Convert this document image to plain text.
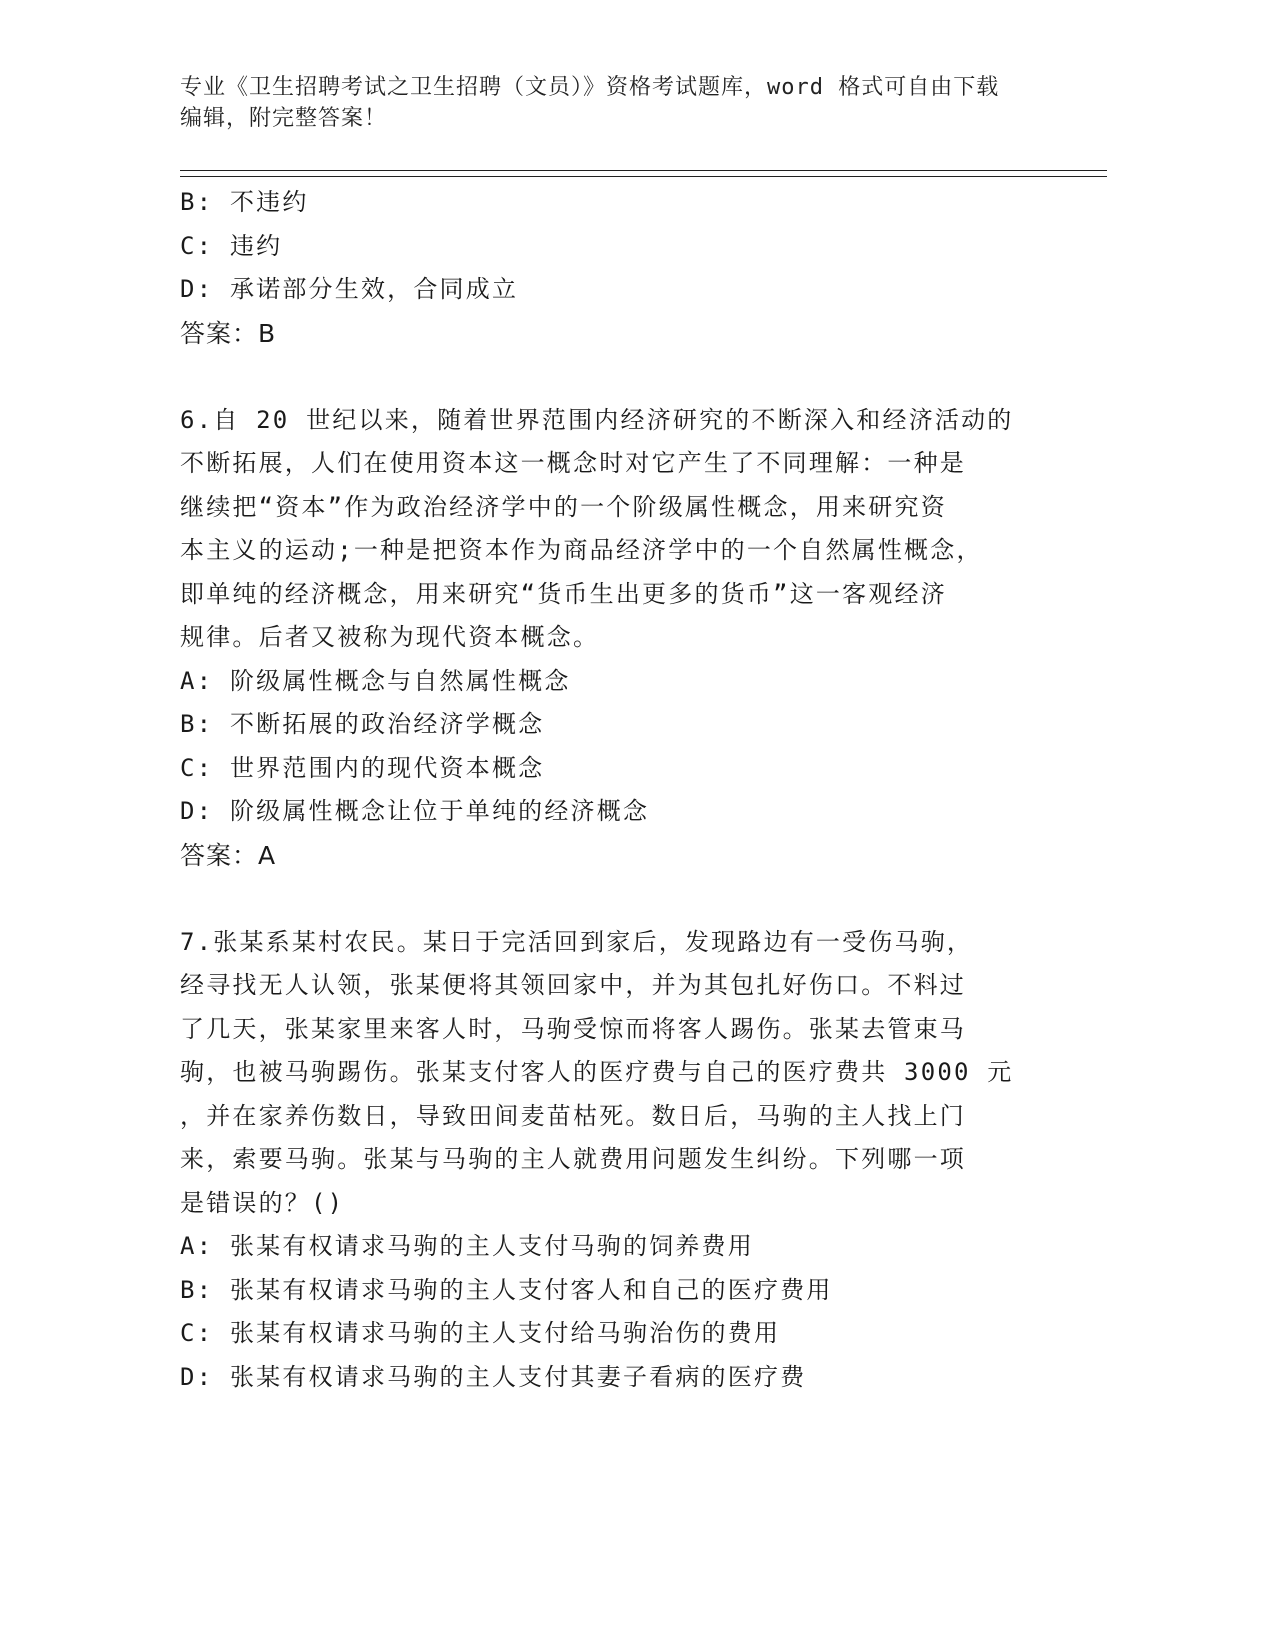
专业《卫生招聘考试之卫生招聘（文员）》资格考试题库，word 格式可自由下载
编辑，附完整答案！

B: 不违约

C: 违约

D: 承诺部分生效，合同成立

答案：B

6.自 20 世纪以来，随着世界范围内经济研究的不断深入和经济活动的

不断拓展，人们在使用资本这一概念时对它产生了不同理解：一种是

继续把“资本”作为政治经济学中的一个阶级属性概念，用来研究资

本主义的运动;一种是把资本作为商品经济学中的一个自然属性概念，

即单纯的经济概念，用来研究“货币生出更多的货币”这一客观经济

规律。后者又被称为现代资本概念。

A: 阶级属性概念与自然属性概念

B: 不断拓展的政治经济学概念

C: 世界范围内的现代资本概念

D: 阶级属性概念让位于单纯的经济概念

答案：A

7.张某系某村农民。某日于完活回到家后，发现路边有一受伤马驹，

经寻找无人认领，张某便将其领回家中，并为其包扎好伤口。不料过

了几天，张某家里来客人时，马驹受惊而将客人踢伤。张某去管束马

驹，也被马驹踢伤。张某支付客人的医疗费与自己的医疗费共 3000 元

，并在家养伤数日，导致田间麦苗枯死。数日后，马驹的主人找上门

来，索要马驹。张某与马驹的主人就费用问题发生纠纷。下列哪一项

是错误的？()

A: 张某有权请求马驹的主人支付马驹的饲养费用

B: 张某有权请求马驹的主人支付客人和自己的医疗费用

C: 张某有权请求马驹的主人支付给马驹治伤的费用

D: 张某有权请求马驹的主人支付其妻子看病的医疗费
